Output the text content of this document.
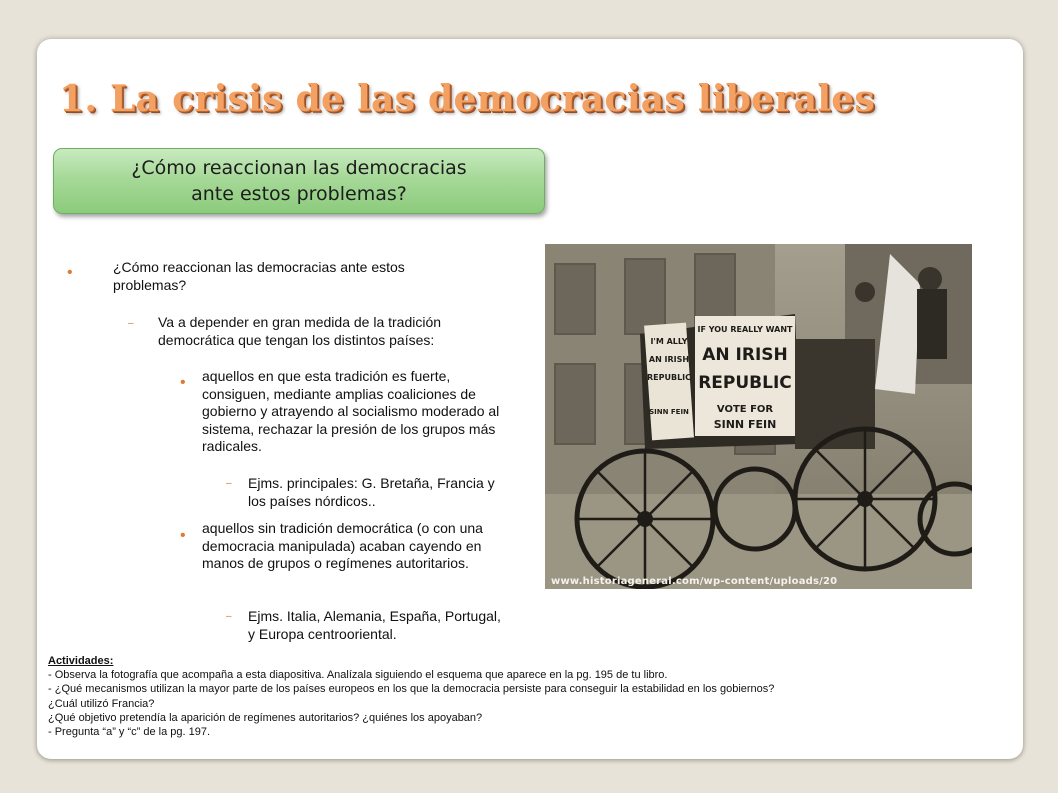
1. La crisis de las democracias liberales
¿Cómo reaccionan las democracias
ante estos problemas?
•	¿Cómo reaccionan las democracias ante estos problemas?
– Va a depender en gran medida de la tradición democrática que tengan los distintos países:
• aquellos en que esta tradición es fuerte, consiguen, mediante amplias coaliciones de gobierno y atrayendo al socialismo moderado al sistema, rechazar la presión de los grupos más radicales.
– Ejms. principales: G. Bretaña, Francia y los países nórdicos..
• aquellos sin tradición democrática (o con una democracia manipulada) acaban cayendo en manos de grupos o regímenes autoritarios.
– Ejms. Italia, Alemania, España, Portugal, y Europa centrooriental.
I'M ALLY
AN IRISH
REPUBLIC
SINN FEIN
IF YOU REALLY WANT
AN IRISH
REPUBLIC
VOTE FOR
SINN FEIN
www.historiageneral.com/wp-content/uploads/20
Actividades:
- Observa la fotografía que acompaña a esta diapositiva. Analízala siguiendo el esquema que aparece en la pg. 195 de tu libro.
- ¿Qué mecanismos utilizan la mayor parte de los países europeos en los que la democracia persiste para conseguir la estabilidad en los gobiernos?
¿Cuál utilizó Francia?
¿Qué objetivo pretendía la aparición de regímenes autoritarios? ¿quiénes los apoyaban?
- Pregunta “a” y “c” de la pg. 197.
